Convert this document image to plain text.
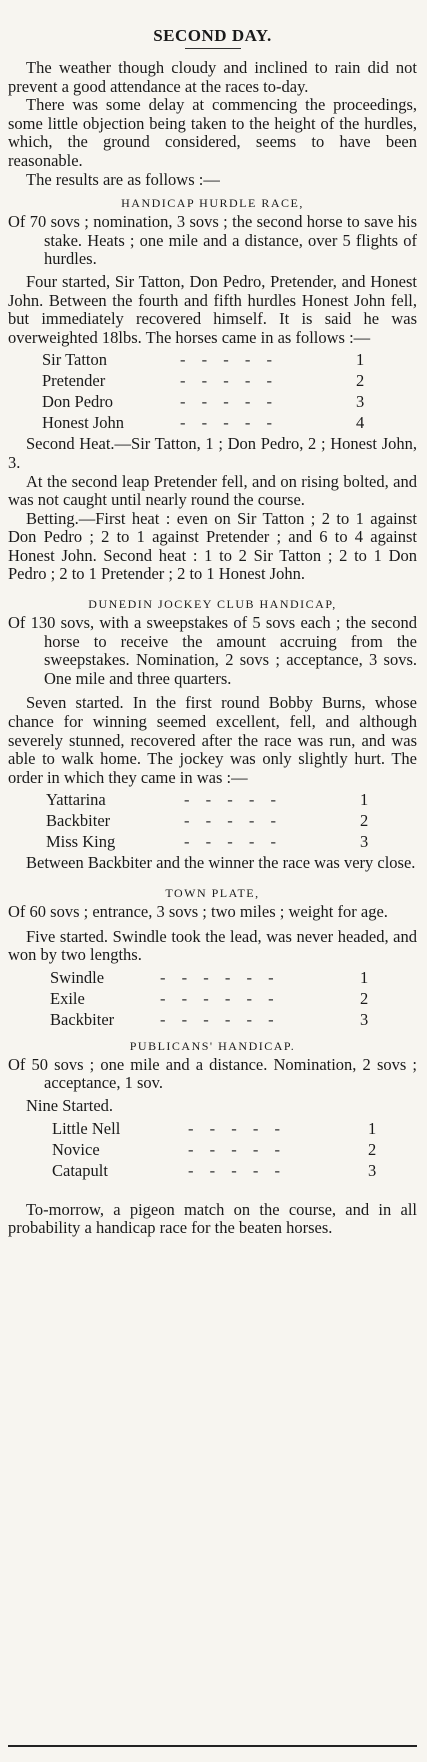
SECOND DAY.

The weather though cloudy and inclined to rain did not prevent a good attendance at the races to-day.

There was some delay at commencing the proceedings, some little objection being taken to the height of the hurdles, which, the ground considered, seems to have been reasonable.

The results are as follows :—

HANDICAP HURDLE RACE,

Of 70 sovs ; nomination, 3 sovs ; the second horse to save his stake. Heats ; one mile and a distance, over 5 flights of hurdles.

Four started, Sir Tatton, Don Pedro, Pretender, and Honest John. Between the fourth and fifth hurdles Honest John fell, but immediately recovered himself. It is said he was overweighted 18lbs. The horses came in as follows :—

Sir Tatton	- - - - -	1
Pretender	- - - - -	2
Don Pedro	- - - - -	3
Honest John	- - - - -	4

Second Heat.—Sir Tatton, 1 ; Don Pedro, 2 ; Honest John, 3.

At the second leap Pretender fell, and on rising bolted, and was not caught until nearly round the course.

Betting.—First heat : even on Sir Tatton ; 2 to 1 against Don Pedro ; 2 to 1 against Pretender ; and 6 to 4 against Honest John. Second heat : 1 to 2 Sir Tatton ; 2 to 1 Don Pedro ; 2 to 1 Pretender ; 2 to 1 Honest John.

DUNEDIN JOCKEY CLUB HANDICAP,

Of 130 sovs, with a sweepstakes of 5 sovs each ; the second horse to receive the amount accruing from the sweepstakes. Nomination, 2 sovs ; acceptance, 3 sovs. One mile and three quarters.

Seven started. In the first round Bobby Burns, whose chance for winning seemed excellent, fell, and although severely stunned, recovered after the race was run, and was able to walk home. The jockey was only slightly hurt. The order in which they came in was :—

Yattarina	- - - - -	1
Backbiter	- - - - -	2
Miss King	- - - - -	3

Between Backbiter and the winner the race was very close.

TOWN PLATE,

Of 60 sovs ; entrance, 3 sovs ; two miles ; weight for age.

Five started. Swindle took the lead, was never headed, and won by two lengths.

Swindle	- - - - - -	1
Exile	- - - - - -	2
Backbiter	- - - - - -	3

PUBLICANS' HANDICAP.

Of 50 sovs ; one mile and a distance. Nomination, 2 sovs ; acceptance, 1 sov.

Nine Started.

Little Nell	- - - - -	1
Novice	- - - - -	2
Catapult	- - - - -	3

To-morrow, a pigeon match on the course, and in all probability a handicap race for the beaten horses.
